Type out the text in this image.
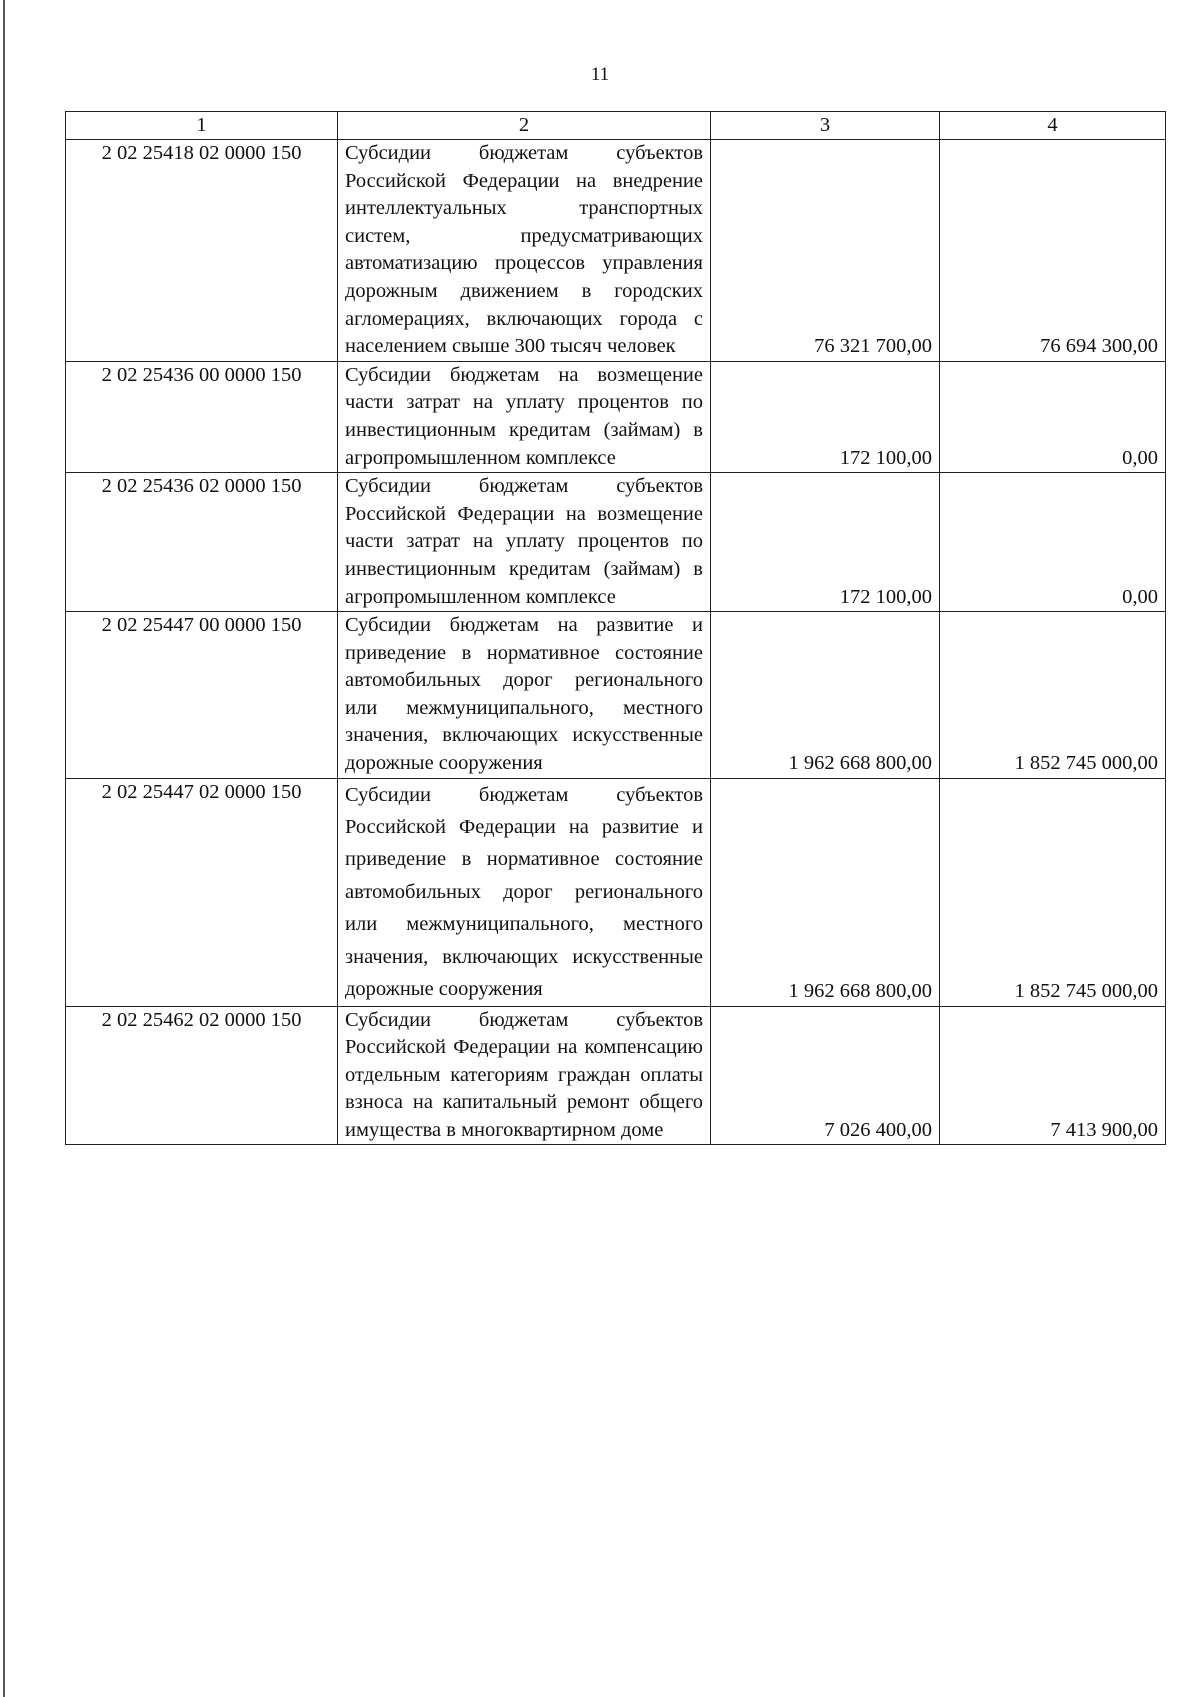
11
1	2	3	4
2 02 25418 02 0000 150	Субсидии бюджетам субъектов Российской Федерации на внедрение интеллектуальных транспортных систем, предусматривающих автоматизацию процессов управления дорожным движением в городских агломерациях, включающих города с населением свыше 300 тысяч человек	76 321 700,00	76 694 300,00
2 02 25436 00 0000 150	Субсидии бюджетам на возмещение части затрат на уплату процентов по инвестиционным кредитам (займам) в агропромышленном комплексе	172 100,00	0,00
2 02 25436 02 0000 150	Субсидии бюджетам субъектов Российской Федерации на возмещение части затрат на уплату процентов по инвестиционным кредитам (займам) в агропромышленном комплексе	172 100,00	0,00
2 02 25447 00 0000 150	Субсидии бюджетам на развитие и приведение в нормативное состояние автомобильных дорог регионального или межмуниципального, местного значения, включающих искусственные дорожные сооружения	1 962 668 800,00	1 852 745 000,00
2 02 25447 02 0000 150	Субсидии бюджетам субъектов Российской Федерации на развитие и приведение в нормативное состояние автомобильных дорог регионального или межмуниципального, местного значения, включающих искусственные дорожные сооружения	1 962 668 800,00	1 852 745 000,00
2 02 25462 02 0000 150	Субсидии бюджетам субъектов Российской Федерации на компенсацию отдельным категориям граждан оплаты взноса на капитальный ремонт общего имущества в многоквартирном доме	7 026 400,00	7 413 900,00
